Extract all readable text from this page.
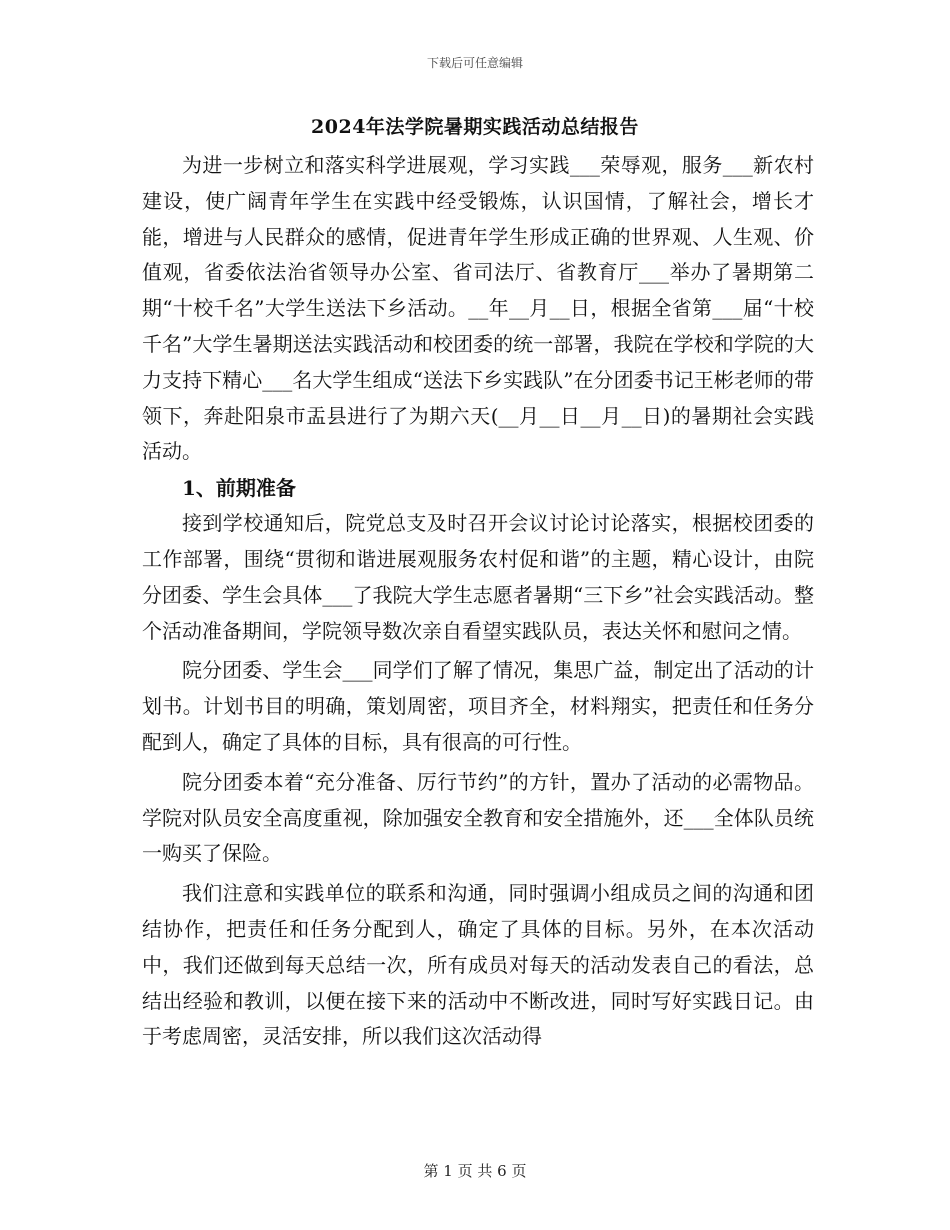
下载后可任意编辑
2024年法学院暑期实践活动总结报告

为进一步树立和落实科学进展观，学习实践___荣辱观，服务___新农村建设，使广阔青年学生在实践中经受锻炼，认识国情，了解社会，增长才能，增进与人民群众的感情，促进青年学生形成正确的世界观、人生观、价值观，省委依法治省领导办公室、省司法厅、省教育厅___举办了暑期第二期“十校千名”大学生送法下乡活动。__年__月__日，根据全省第___届“十校千名”大学生暑期送法实践活动和校团委的统一部署，我院在学校和学院的大力支持下精心___名大学生组成“送法下乡实践队”在分团委书记王彬老师的带领下，奔赴阳泉市盂县进行了为期六天(__月__日__月__日)的暑期社会实践活动。

1、前期准备

接到学校通知后，院党总支及时召开会议讨论讨论落实，根据校团委的工作部署，围绕“贯彻和谐进展观服务农村促和谐”的主题，精心设计，由院分团委、学生会具体___了我院大学生志愿者暑期“三下乡”社会实践活动。整个活动准备期间，学院领导数次亲自看望实践队员，表达关怀和慰问之情。

院分团委、学生会___同学们了解了情况，集思广益，制定出了活动的计划书。计划书目的明确，策划周密，项目齐全，材料翔实，把责任和任务分配到人，确定了具体的目标，具有很高的可行性。

院分团委本着“充分准备、厉行节约”的方针，置办了活动的必需物品。学院对队员安全高度重视，除加强安全教育和安全措施外，还___全体队员统一购买了保险。

我们注意和实践单位的联系和沟通，同时强调小组成员之间的沟通和团结协作，把责任和任务分配到人，确定了具体的目标。另外，在本次活动中，我们还做到每天总结一次，所有成员对每天的活动发表自己的看法，总结出经验和教训，以便在接下来的活动中不断改进，同时写好实践日记。由于考虑周密，灵活安排，所以我们这次活动得

第 1 页 共 6 页
